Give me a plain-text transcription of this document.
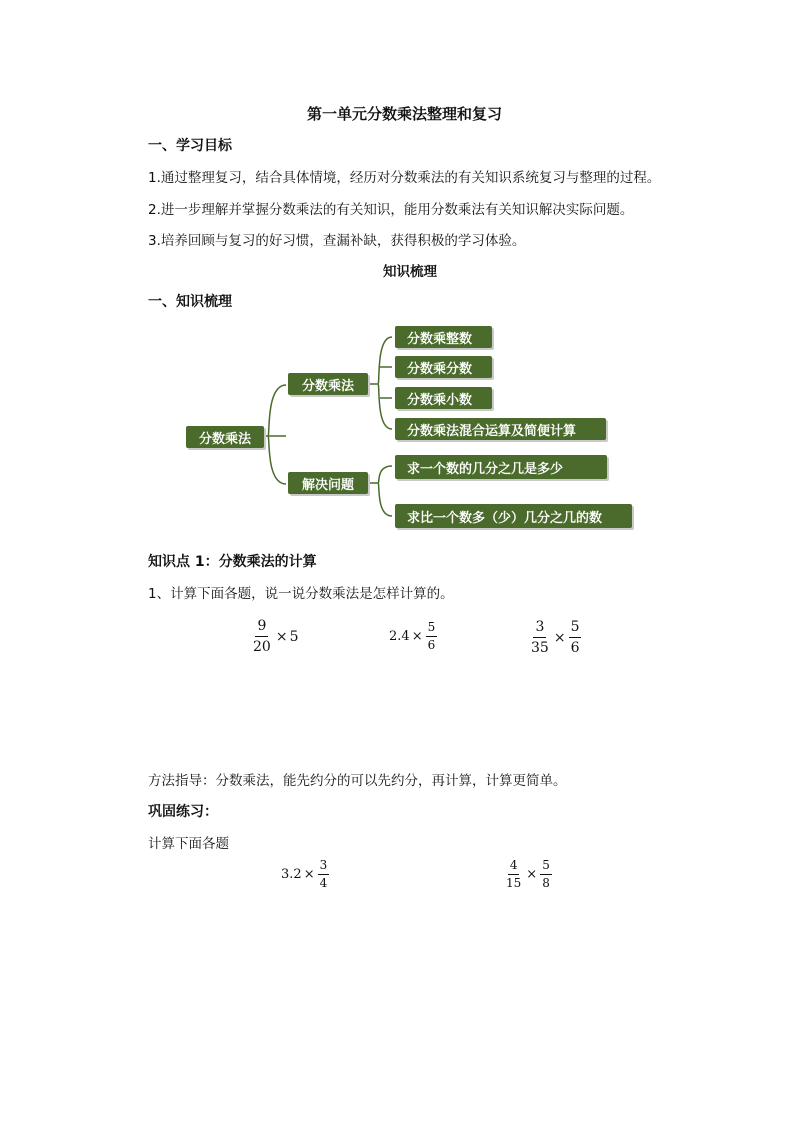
第一单元分数乘法整理和复习
一、学习目标
1.通过整理复习，结合具体情境，经历对分数乘法的有关知识系统复习与整理的过程。
2.进一步理解并掌握分数乘法的有关知识，能用分数乘法有关知识解决实际问题。
3.培养回顾与复习的好习惯，查漏补缺，获得积极的学习体验。
知识梳理
一、知识梳理
分数乘法
分数乘法
解决问题
分数乘整数
分数乘分数
分数乘小数
分数乘法混合运算及简便计算
求一个数的几分之几是多少
求比一个数多（少）几分之几的数
知识点 1：分数乘法的计算
1、计算下面各题，说一说分数乘法是怎样计算的。
$\frac{9}{20} \times 5$	$2.4 \times \frac{5}{6}$	$\frac{3}{35} \times \frac{5}{6}$
方法指导：分数乘法，能先约分的可以先约分，再计算，计算更简单。
巩固练习：
计算下面各题
$3.2 \times \frac{3}{4}$	$\frac{4}{15} \times \frac{5}{8}$
